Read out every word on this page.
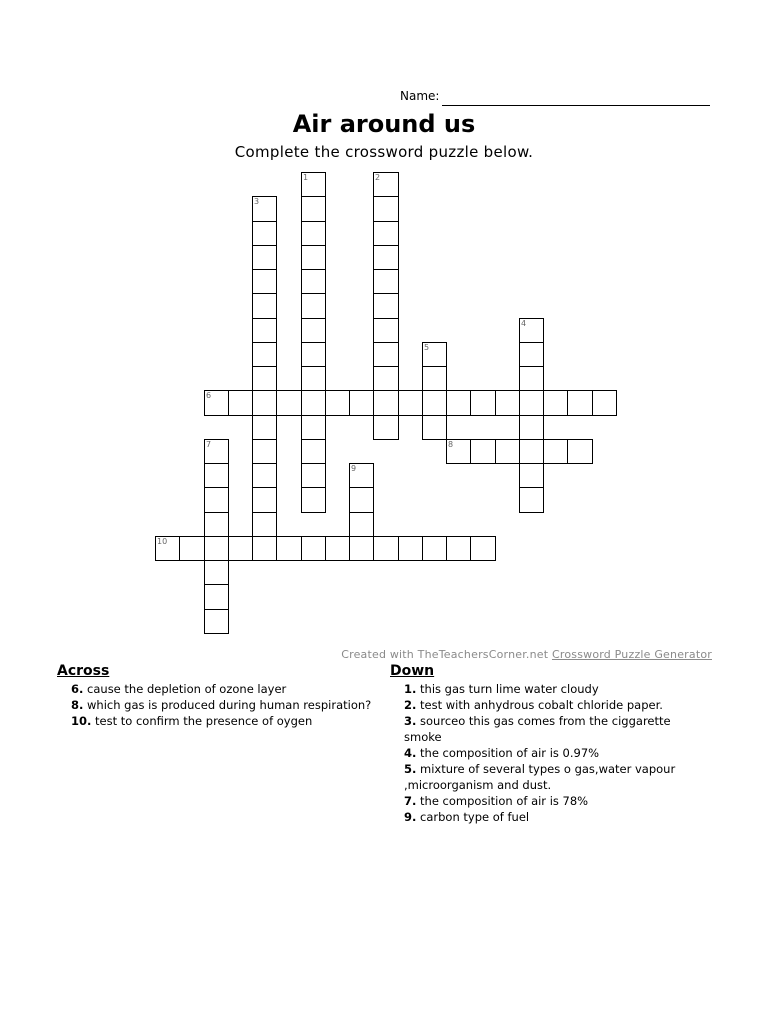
Name:
Air around us
Complete the crossword puzzle below.
1	2
3
4
5
6
7	8
9
10
Created with TheTeachersCorner.net Crossword Puzzle Generator
Across
6. cause the depletion of ozone layer
8. which gas is produced during human respiration?
10. test to confirm the presence of oygen
Down
1. this gas turn lime water cloudy
2. test with anhydrous cobalt chloride paper.
3. sourceo this gas comes from the ciggarette smoke
4. the composition of air is 0.97%
5. mixture of several types o gas,water vapour ,microorganism and dust.
7. the composition of air is 78%
9. carbon type of fuel
